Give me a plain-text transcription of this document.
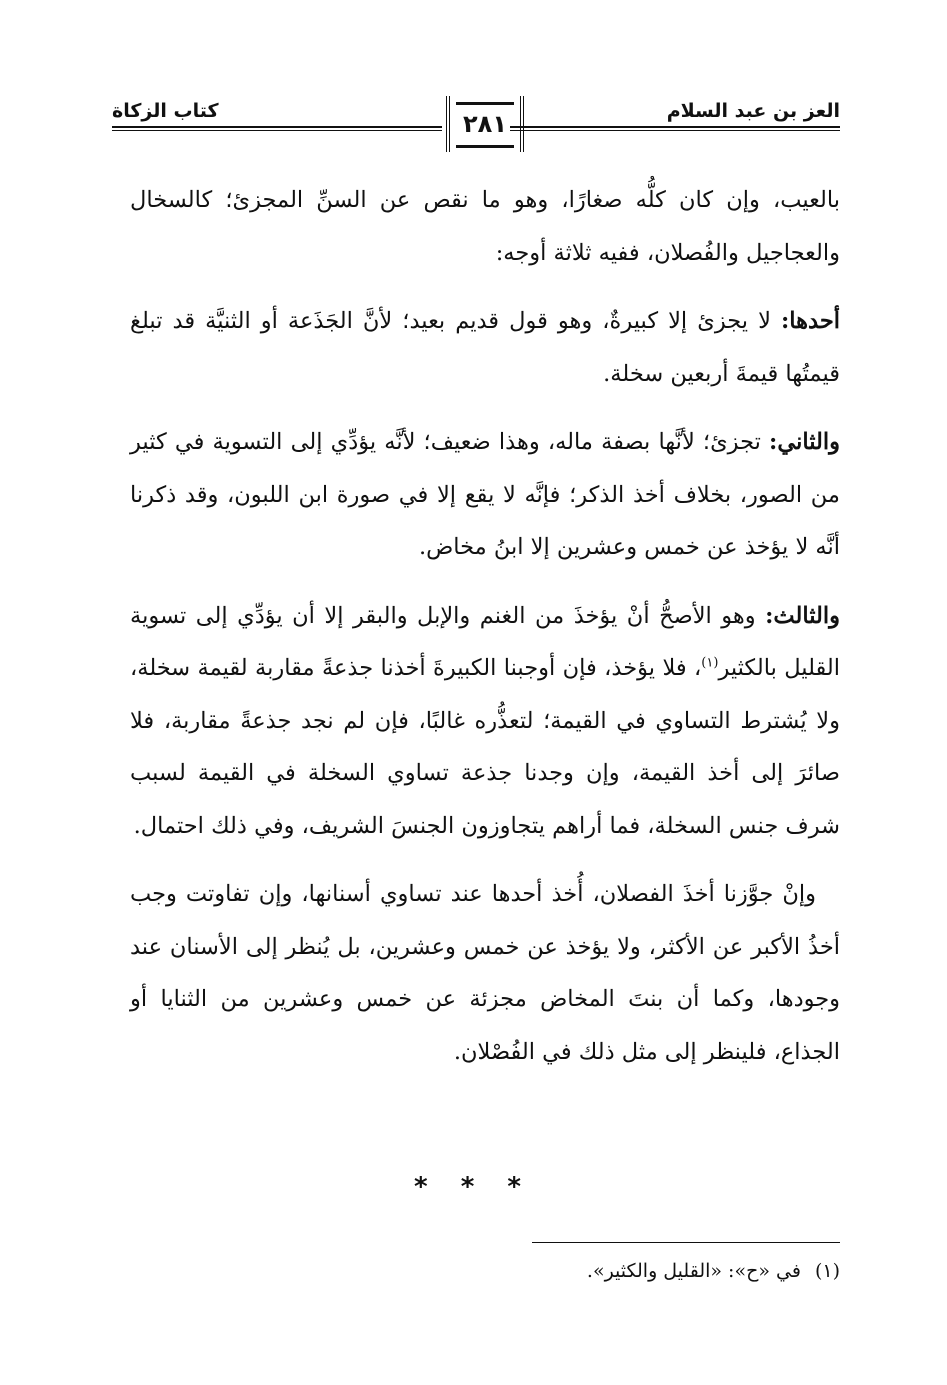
العز بن عبد السلام
كتاب الزكاة	٢٨١

بالعيب، وإن كان كلُّه صغارًا، وهو ما نقص عن السنِّ المجزئ؛ كالسخال والعجاجيل والفُصلان، ففيه ثلاثة أوجه:

أحدها: لا يجزئ إلا كبيرةٌ، وهو قول قديم بعيد؛ لأنَّ الجَذَعة أو الثنيَّة قد تبلغ قيمتُها قيمةَ أربعين سخلة.

والثاني: تجزئ؛ لأنَّها بصفة ماله، وهذا ضعيف؛ لأنَّه يؤدِّي إلى التسوية في كثير من الصور، بخلاف أخذ الذكر؛ فإنَّه لا يقع إلا في صورة ابن اللبون، وقد ذكرنا أنَّه لا يؤخذ عن خمس وعشرين إلا ابنُ مخاض.

والثالث: وهو الأصحُّ أنْ يؤخذَ من الغنم والإبل والبقر إلا أن يؤدِّي إلى تسوية القليل بالكثير$^{(١)}$، فلا يؤخذ، فإن أوجبنا الكبيرةَ أخذنا جذعةً مقاربة لقيمة سخلة، ولا يُشترط التساوي في القيمة؛ لتعذُّره غالبًا، فإن لم نجد جذعةً مقاربة، فلا صائرَ إلى أخذ القيمة، وإن وجدنا جذعة تساوي السخلة في القيمة لسبب شرف جنس السخلة، فما أراهم يتجاوزون الجنسَ الشريف، وفي ذلك احتمال.

وإنْ جوَّزنا أخذَ الفصلان، أُخذ أحدها عند تساوي أسنانها، وإن تفاوتت وجب أخذُ الأكبر عن الأكثر، ولا يؤخذ عن خمس وعشرين، بل يُنظر إلى الأسنان عند وجودها، وكما أن بنتَ المخاض مجزئة عن خمس وعشرين من الثنايا أو الجذاع، فلينظر إلى مثل ذلك في الفُصْلان.

* * *
(١)في «ح»: «القليل والكثير».
